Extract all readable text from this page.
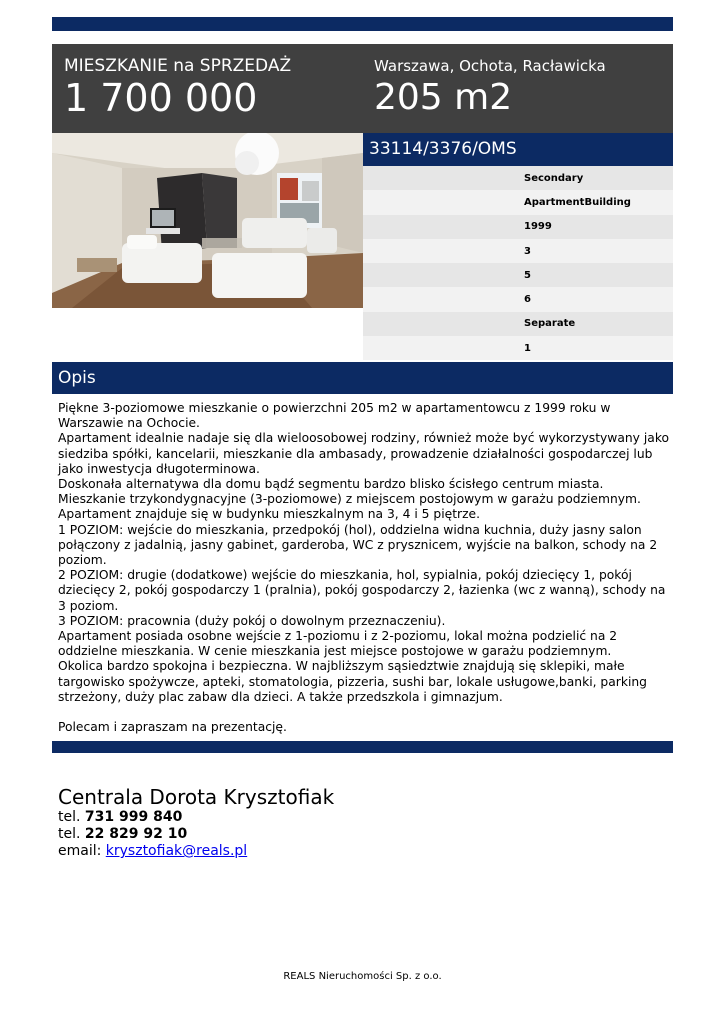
MIESZKANIE na SPRZEDAŻ
1 700 000
Warszawa, Ochota, Racławicka
205 m2
33114/3376/OMS
Secondary
ApartmentBuilding
1999
3
5
6
Separate
1
Opis

Piękne 3-poziomowe mieszkanie o powierzchni 205 m2 w apartamentowcu z 1999 roku w Warszawie na Ochocie.

Apartament idealnie nadaje się dla wieloosobowej rodziny, również może być wykorzystywany jako siedziba spółki, kancelarii, mieszkanie dla ambasady, prowadzenie działalności gospodarczej lub jako inwestycja długoterminowa.

Doskonała alternatywa dla domu bądź segmentu bardzo blisko ścisłego centrum miasta.

Mieszkanie trzykondygnacyjne (3-poziomowe) z miejscem postojowym w garażu podziemnym.

Apartament znajduje się w budynku mieszkalnym na 3, 4 i 5 piętrze.

1 POZIOM: wejście do mieszkania, przedpokój (hol), oddzielna widna kuchnia, duży jasny salon połączony z jadalnią, jasny gabinet, garderoba, WC z prysznicem, wyjście na balkon, schody na 2 poziom.

2 POZIOM: drugie (dodatkowe) wejście do mieszkania, hol, sypialnia, pokój dziecięcy 1, pokój dziecięcy 2, pokój gospodarczy 1 (pralnia), pokój gospodarczy 2, łazienka (wc z wanną), schody na 3 poziom.

3 POZIOM: pracownia (duży pokój o dowolnym przeznaczeniu).

Apartament posiada osobne wejście z 1-poziomu i z 2-poziomu, lokal można podzielić na 2 oddzielne mieszkania. W cenie mieszkania jest miejsce postojowe w garażu podziemnym.

Okolica bardzo spokojna i bezpieczna. W najbliższym sąsiedztwie znajdują się sklepiki, małe targowisko spożywcze, apteki, stomatologia, pizzeria, sushi bar, lokale usługowe,banki, parking strzeżony, duży plac zabaw dla dzieci. A także przedszkola i gimnazjum.

Polecam i zapraszam na prezentację.

Centrala Dorota Krysztofiak
tel. 731 999 840
tel. 22 829 92 10
email: krysztofiak@reals.pl
REALS Nieruchomości Sp. z o.o.
